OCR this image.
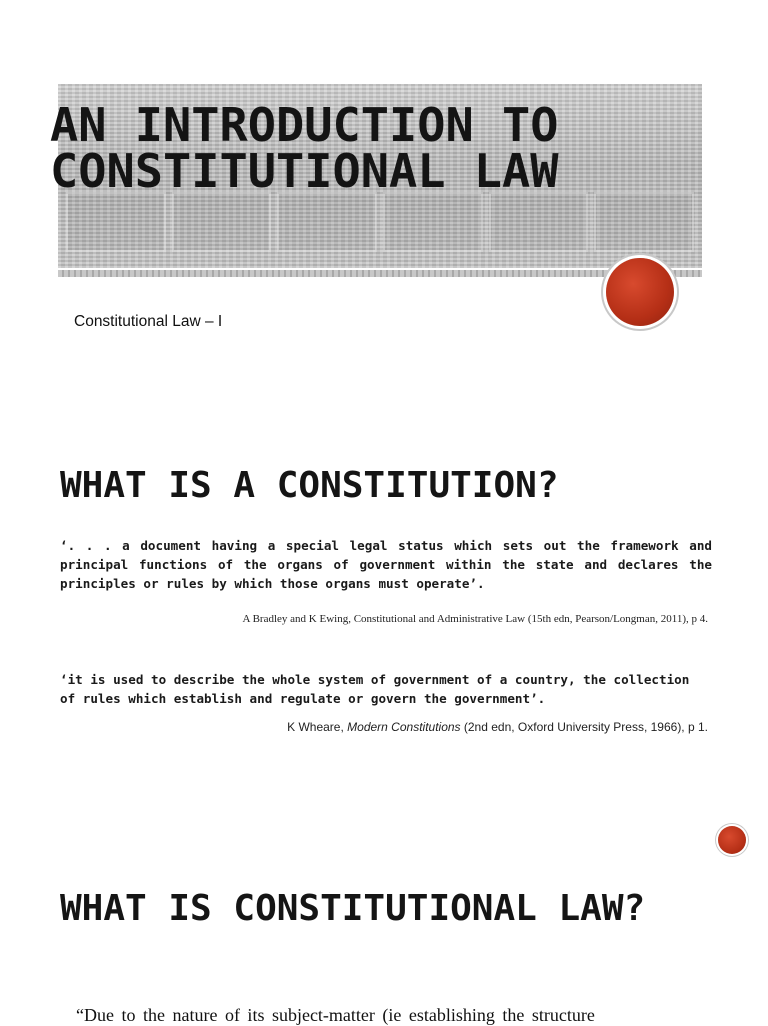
AN INTRODUCTION TO
CONSTITUTIONAL LAW

Constitutional Law – I

WHAT IS A CONSTITUTION?

‘. . . a document having a special legal status which sets out the framework and principal functions of the organs of government within the state and declares the principles or rules by which those organs must operate’.

A Bradley and K Ewing, Constitutional and Administrative Law (15th edn, Pearson/Longman, 2011), p 4.

‘it is used to describe the whole system of government of a country, the collection of rules which establish and regulate or govern the government’.

K Wheare, Modern Constitutions (2nd edn, Oxford University Press, 1966), p 1.

WHAT IS CONSTITUTIONAL LAW?

“Due to the nature of its subject-matter (ie establishing the structure
